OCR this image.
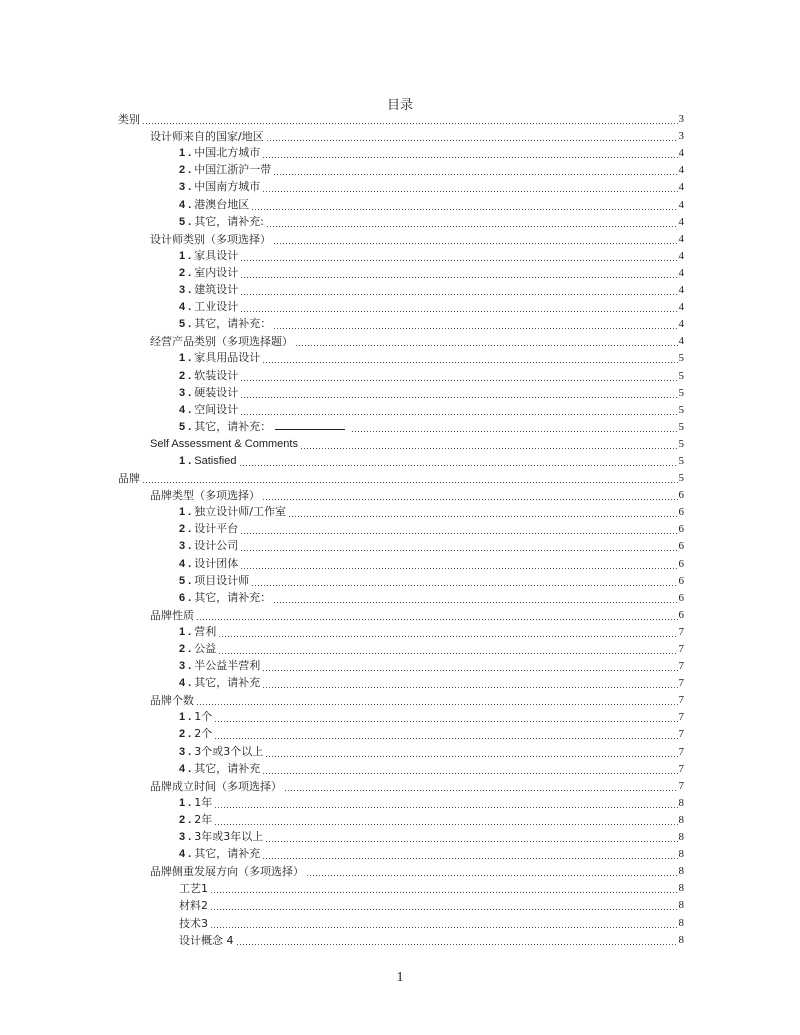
目录
类别	3
设计师来自的国家/地区	3
1 . 中国北方城市	4
2 . 中国江浙沪一带	4
3 . 中国南方城市	4
4 . 港澳台地区	4
5 . 其它，请补充:	4
设计师类别（多项选择）	4
1 . 家具设计	4
2 . 室内设计	4
3 . 建筑设计	4
4 . 工业设计	4
5 . 其它，请补充：	4
经营产品类别（多项选择题）	4
1 . 家具用品设计	5
2 . 软装设计	5
3 . 硬装设计	5
4 . 空间设计	5
5 . 其它，请补充：	5
Self Assessment & Comments	5
1 . Satisfied	5
品牌	5
品牌类型（多项选择）	6
1 . 独立设计师/工作室	6
2 . 设计平台	6
3 . 设计公司	6
4 . 设计团体	6
5 . 项目设计师	6
6 . 其它，请补充：	6
品牌性质	6
1 . 营利	7
2 . 公益	7
3 . 半公益半营利	7
4 . 其它，请补充	7
品牌个数	7
1 . 1个	7
2 . 2个	7
3 . 3个或3个以上	7
4 . 其它，请补充	7
品牌成立时间（多项选择）	7
1 . 1年	8
2 . 2年	8
3 . 3年或3年以上	8
4 . 其它，请补充	8
品牌侧重发展方向（多项选择）	8
工艺1	8
材料2	8
技术3	8
设计概念 4	8
1
